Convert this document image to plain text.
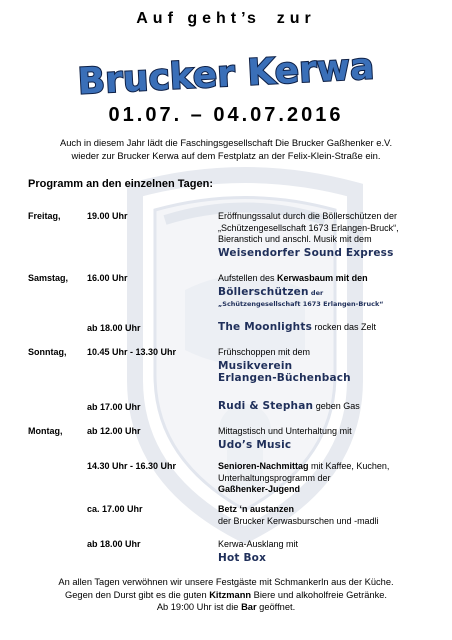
Auf geht’s zur
Brucker Kerwa
01.07. – 04.07.2016
Auch in diesem Jahr lädt die Faschingsgesellschaft Die Brucker Gaßhenker e.V.
wieder zur Brucker Kerwa auf dem Festplatz an der Felix-Klein-Straße ein.
Programm an den einzelnen Tagen:
Freitag,	19.00 Uhr	Eröffnungssalut durch die Böllerschützen der
„Schützengesellschaft 1673 Erlangen-Bruck“,
Bieranstich und anschl. Musik mit dem
Weisendorfer Sound Express
Samstag, 16.00 Uhr	Aufstellen des Kerwasbaum mit den
Böllerschützen der
„Schützengesellschaft 1673 Erlangen-Bruck“
ab 18.00 Uhr	The Moonlights rocken das Zelt
Sonntag, 10.45 Uhr - 13.30 Uhr	Frühschoppen mit dem
Musikverein
Erlangen-Büchenbach
ab 17.00 Uhr	Rudi & Stephan geben Gas
Montag,	ab 12.00 Uhr	Mittagstisch und Unterhaltung mit
Udo’s Music
14.30 Uhr - 16.30 Uhr	Senioren-Nachmittag mit Kaffee, Kuchen,
Unterhaltungsprogramm der
Gaßhenker-Jugend
ca. 17.00 Uhr	Betz ‘n austanzen
der Brucker Kerwasburschen und -madli
ab 18.00 Uhr	Kerwa-Ausklang mit
Hot Box
An allen Tagen verwöhnen wir unsere Festgäste mit Schmankerln aus der Küche.
Gegen den Durst gibt es die guten Kitzmann Biere und alkoholfreie Getränke.
Ab 19:00 Uhr ist die Bar geöffnet.
